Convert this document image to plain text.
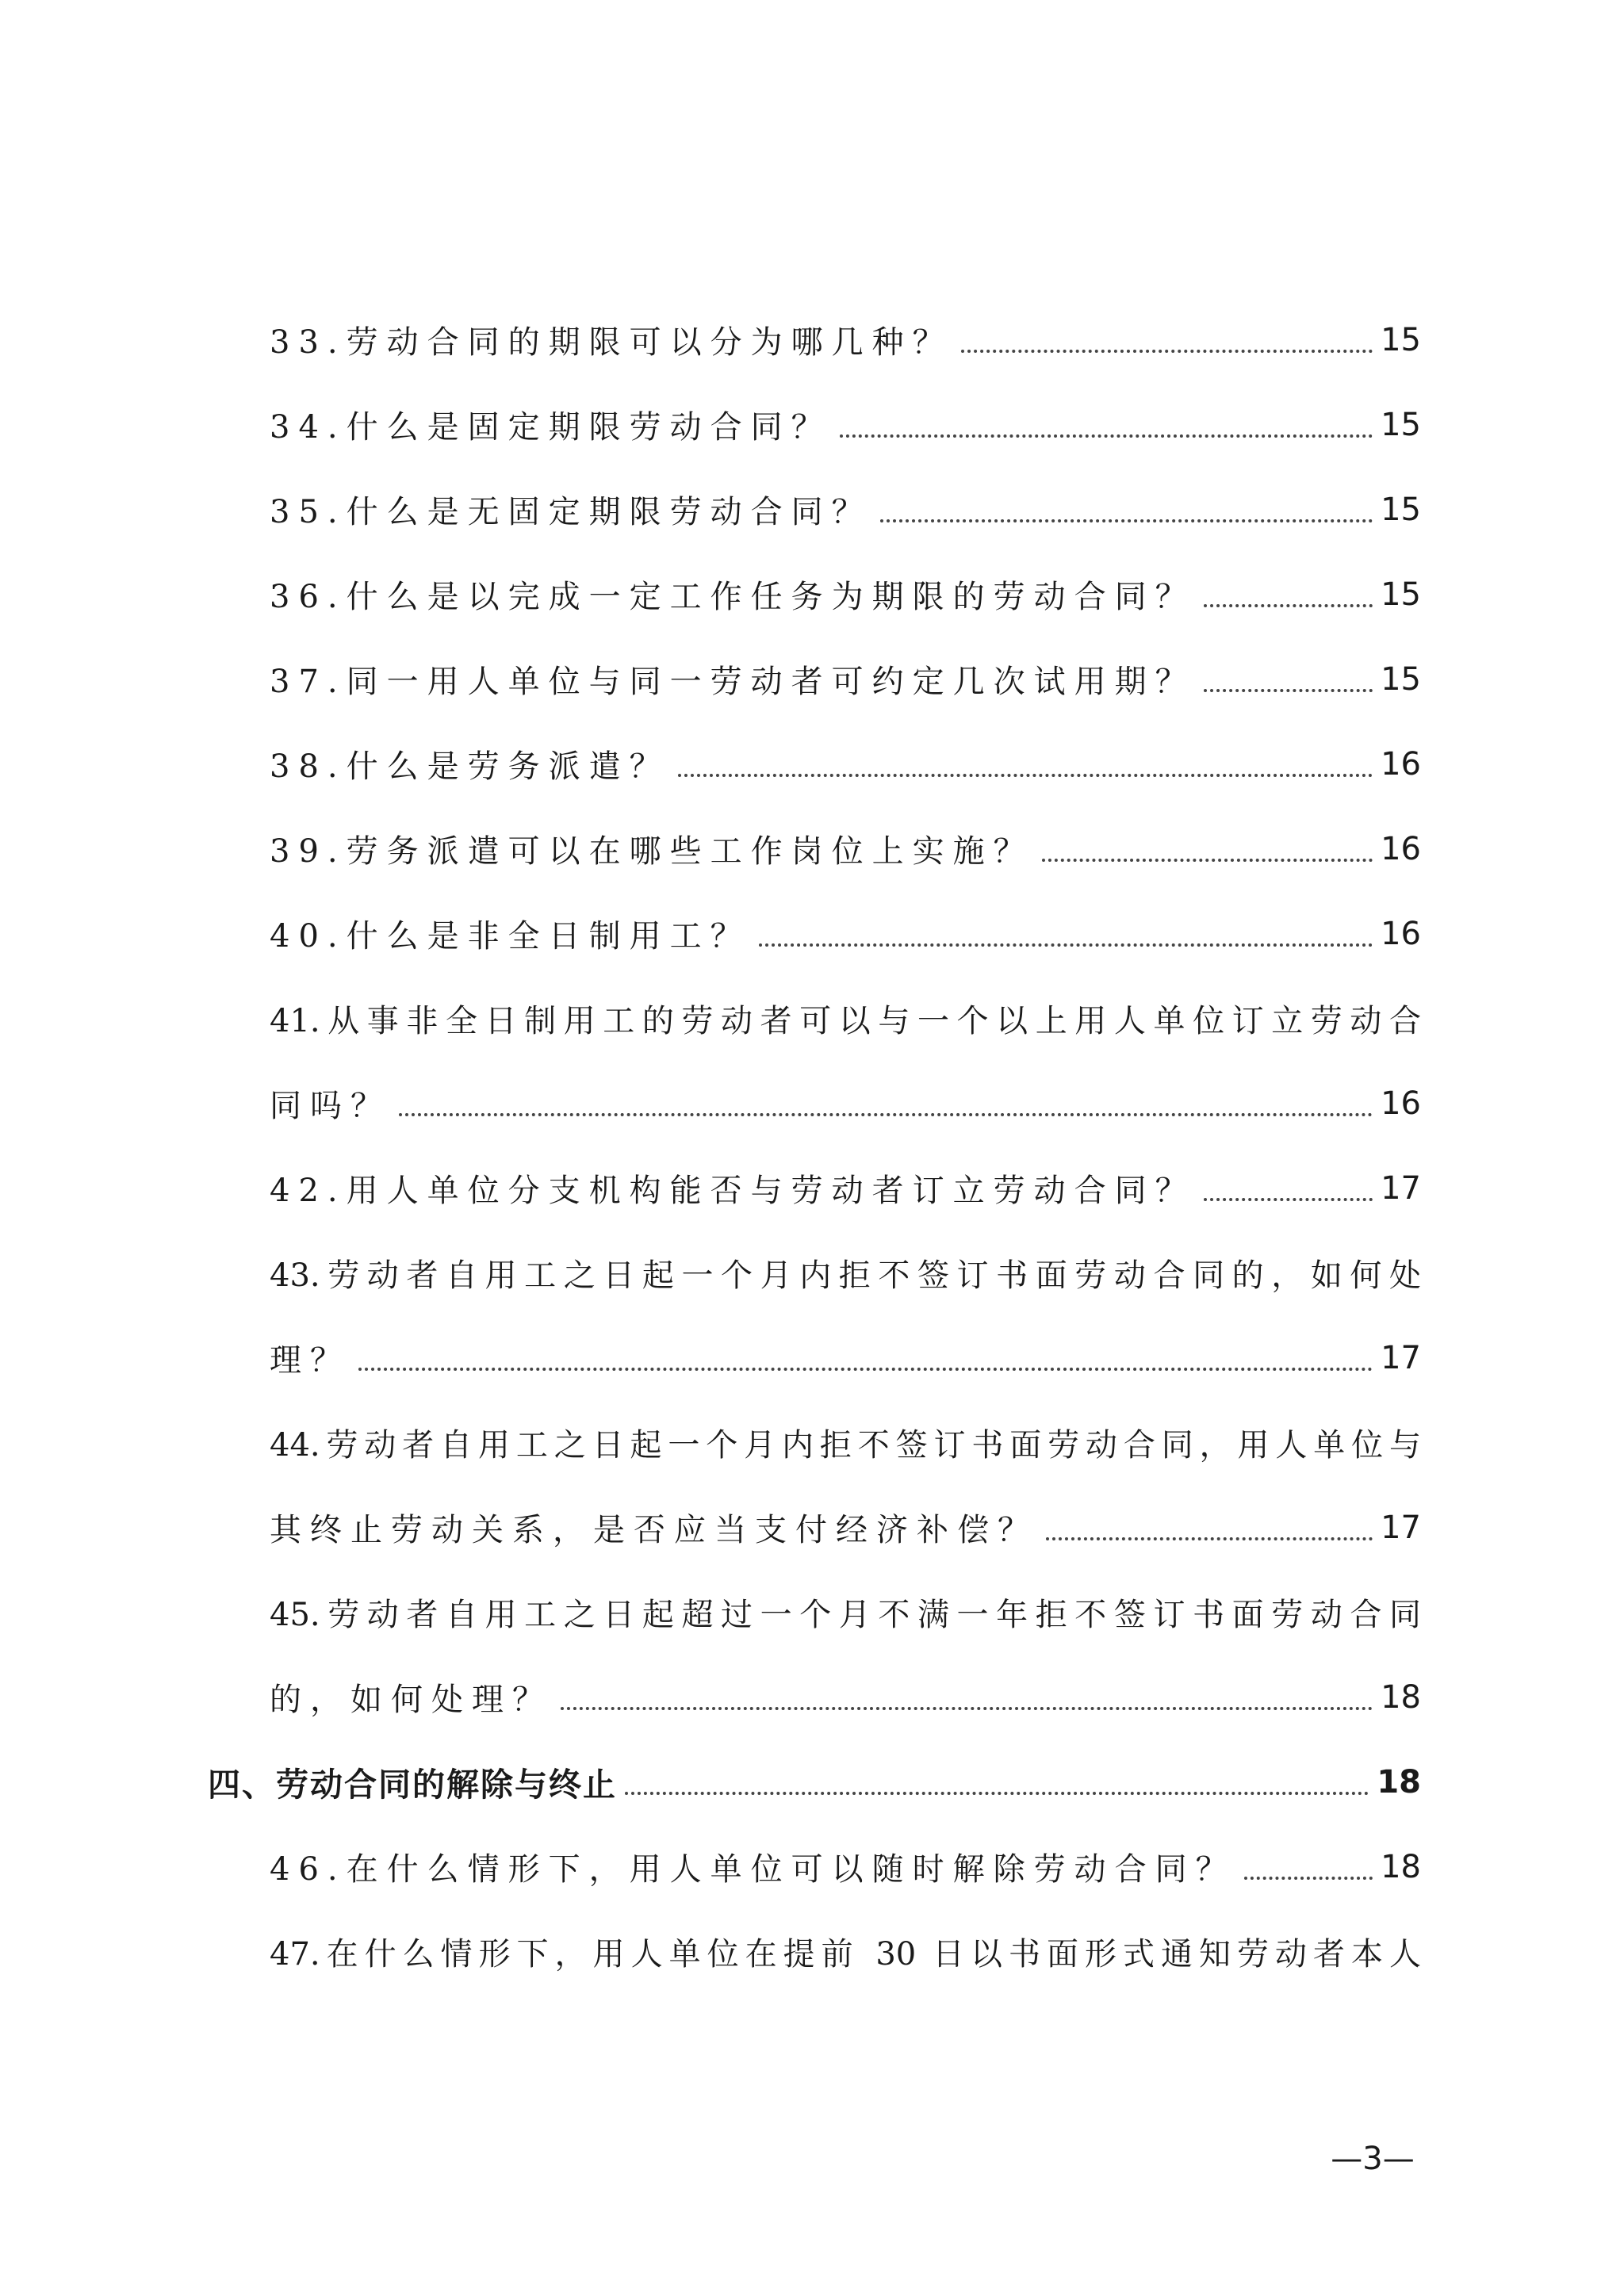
33.劳动合同的期限可以分为哪几种？	15
34.什么是固定期限劳动合同？	15
35.什么是无固定期限劳动合同？	15
36.什么是以完成一定工作任务为期限的劳动合同？	15
37.同一用人单位与同一劳动者可约定几次试用期？	15
38.什么是劳务派遣？	16
39.劳务派遣可以在哪些工作岗位上实施？	16
40.什么是非全日制用工？	16
41.从事非全日制用工的劳动者可以与一个以上用人单位订立劳动合
同吗？	16
42.用人单位分支机构能否与劳动者订立劳动合同？	17
43.劳动者自用工之日起一个月内拒不签订书面劳动合同的，如何处
理？	17
44.劳动者自用工之日起一个月内拒不签订书面劳动合同，用人单位与
其终止劳动关系，是否应当支付经济补偿？	17
45.劳动者自用工之日起超过一个月不满一年拒不签订书面劳动合同
的，如何处理？	18
四、劳动合同的解除与终止	18
46.在什么情形下，用人单位可以随时解除劳动合同？	18
47.在什么情形下，用人单位在提前 30 日以书面形式通知劳动者本人
—3—
